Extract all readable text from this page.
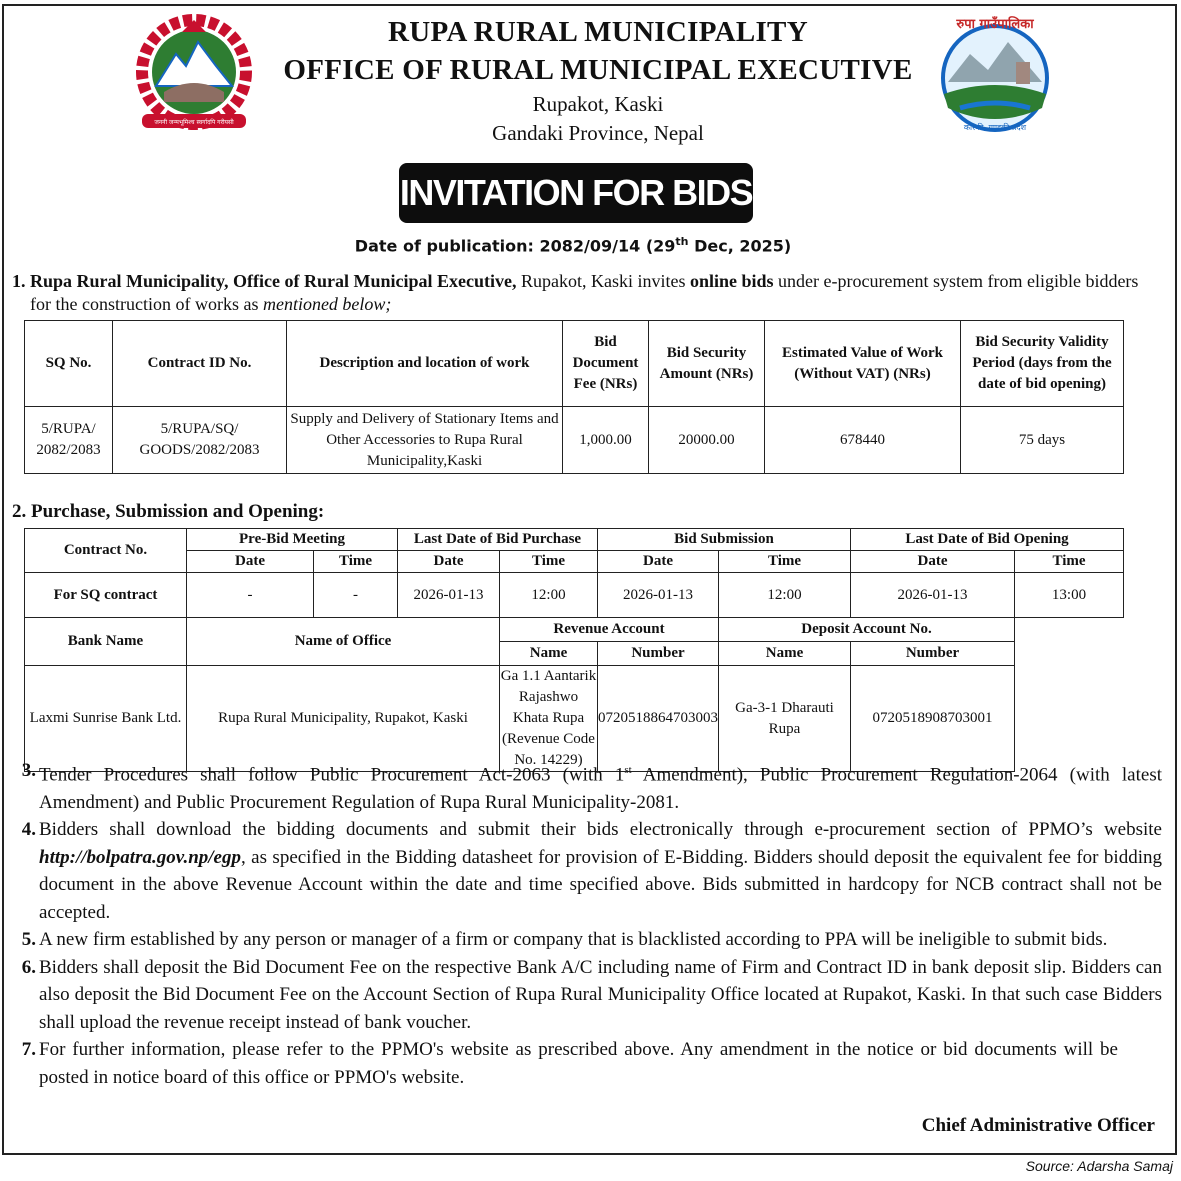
जननी जन्मभूमिश्च स्वर्गादपि गरीयसी
रुपा गाउँपालिका
कास्की, गण्डकी प्रदेश
RUPA RURAL MUNICIPALITY
OFFICE OF RURAL MUNICIPAL EXECUTIVE
Rupakot, Kaski
Gandaki Province, Nepal
INVITATION FOR BIDS
Date of publication: 2082/09/14 (29th Dec, 2025)
1. Rupa Rural Municipality, Office of Rural Municipal Executive, Rupakot, Kaski invites online bids under e-procurement system from eligible bidders
for the construction of works as mentioned below;
SQ No.	Contract ID No.	Description and location of work	Bid Document Fee (NRs)	Bid Security Amount (NRs)	Estimated Value of Work (Without VAT) (NRs)	Bid Security Validity Period (days from the date of bid opening)
5/RUPA/ 2082/2083	5/RUPA/SQ/ GOODS/2082/2083	Supply and Delivery of Stationary Items and Other Accessories to Rupa Rural Municipality,Kaski	1,000.00	20000.00	678440	75 days
2. Purchase, Submission and Opening:
Contract No.	Pre-Bid Meeting		Last Date of Bid Purchase		Bid Submission		Last Date of Bid Opening	
	Date	Time	Date	Time	Date	Time	Date	Time
For SQ contract	-	-	2026-01-13	12:00	2026-01-13	12:00	2026-01-13	13:00
Bank Name	Name of Office			Revenue Account		Deposit Account No.		
				Name	Number	Name	Number	
Laxmi Sunrise Bank Ltd.	Rupa Rural Municipality, Rupakot, Kaski			Ga 1.1 Aantarik Rajashwo Khata Rupa (Revenue Code No. 14229)	0720518864703003	Ga-3-1 Dharauti Rupa	0720518908703001	
3. Tender Procedures shall follow Public Procurement Act-2063 (with 1st Amendment), Public Procurement Regulation-2064 (with latest Amendment) and Public Procurement Regulation of Rupa Rural Municipality-2081.
4. Bidders shall download the bidding documents and submit their bids electronically through e-procurement section of PPMO’s website http://bolpatra.gov.np/egp, as specified in the Bidding datasheet for provision of E-Bidding. Bidders should deposit the equivalent fee for bidding document in the above Revenue Account within the date and time specified above. Bids submitted in hardcopy for NCB contract shall not be accepted.
5. A new firm established by any person or manager of a firm or company that is blacklisted according to PPA will be ineligible to submit bids.
6. Bidders shall deposit the Bid Document Fee on the respective Bank A/C including name of Firm and Contract ID in bank deposit slip. Bidders can also deposit the Bid Document Fee on the Account Section of Rupa Rural Municipality Office located at Rupakot, Kaski. In that such case Bidders shall upload the revenue receipt instead of bank voucher.
7. For further information, please refer to the PPMO's website as prescribed above. Any amendment in the notice or bid documents will be posted in notice board of this office or PPMO's website.
Chief Administrative Officer
Source: Adarsha Samaj
